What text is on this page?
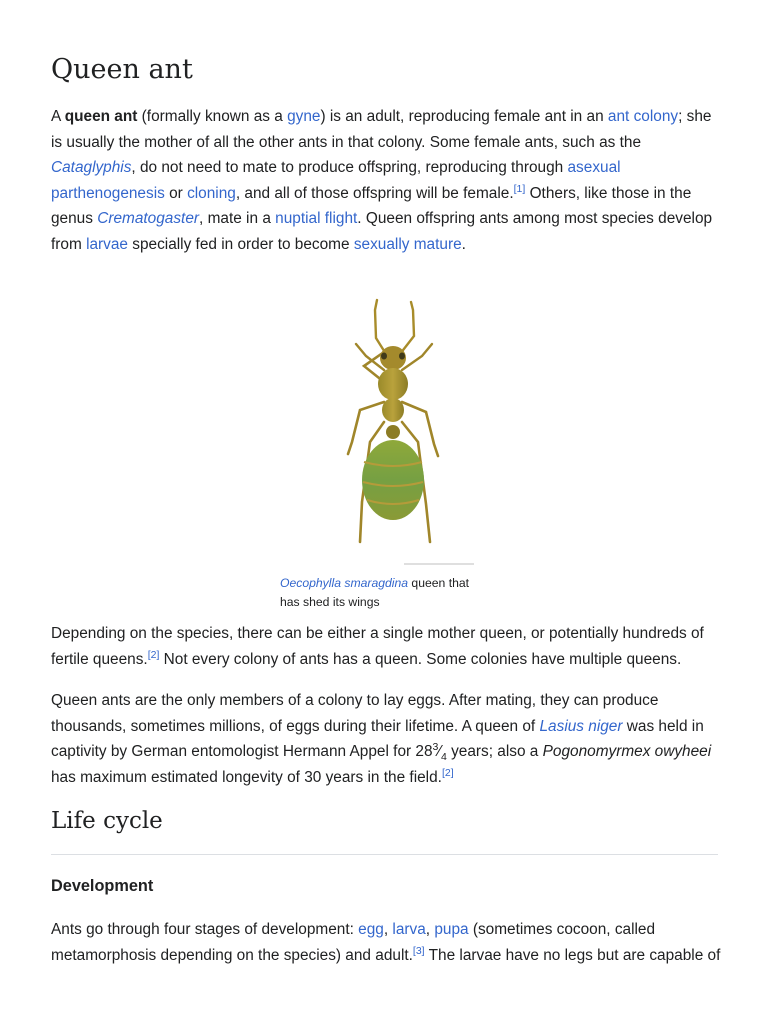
Queen ant

A queen ant (formally known as a gyne) is an adult, reproducing female ant in an ant colony; she is usually the mother of all the other ants in that colony. Some female ants, such as the Cataglyphis, do not need to mate to produce offspring, reproducing through asexual parthenogenesis or cloning, and all of those offspring will be female.[1] Others, like those in the genus Crematogaster, mate in a nuptial flight. Queen offspring ants among most species develop from larvae specially fed in order to become sexually mature.

Oecophylla smaragdina queen that has shed its wings

Depending on the species, there can be either a single mother queen, or potentially hundreds of fertile queens.[2] Not every colony of ants has a queen. Some colonies have multiple queens.

Queen ants are the only members of a colony to lay eggs. After mating, they can produce thousands, sometimes millions, of eggs during their lifetime. A queen of Lasius niger was held in captivity by German entomologist Hermann Appel for $28^3⁄_4$ years; also a Pogonomyrmex owyheei has maximum estimated longevity of 30 years in the field.[2]

Life cycle
Development

Ants go through four stages of development: egg, larva, pupa (sometimes cocoon, called metamorphosis depending on the species) and adult.[3] The larvae have no legs but are capable of
